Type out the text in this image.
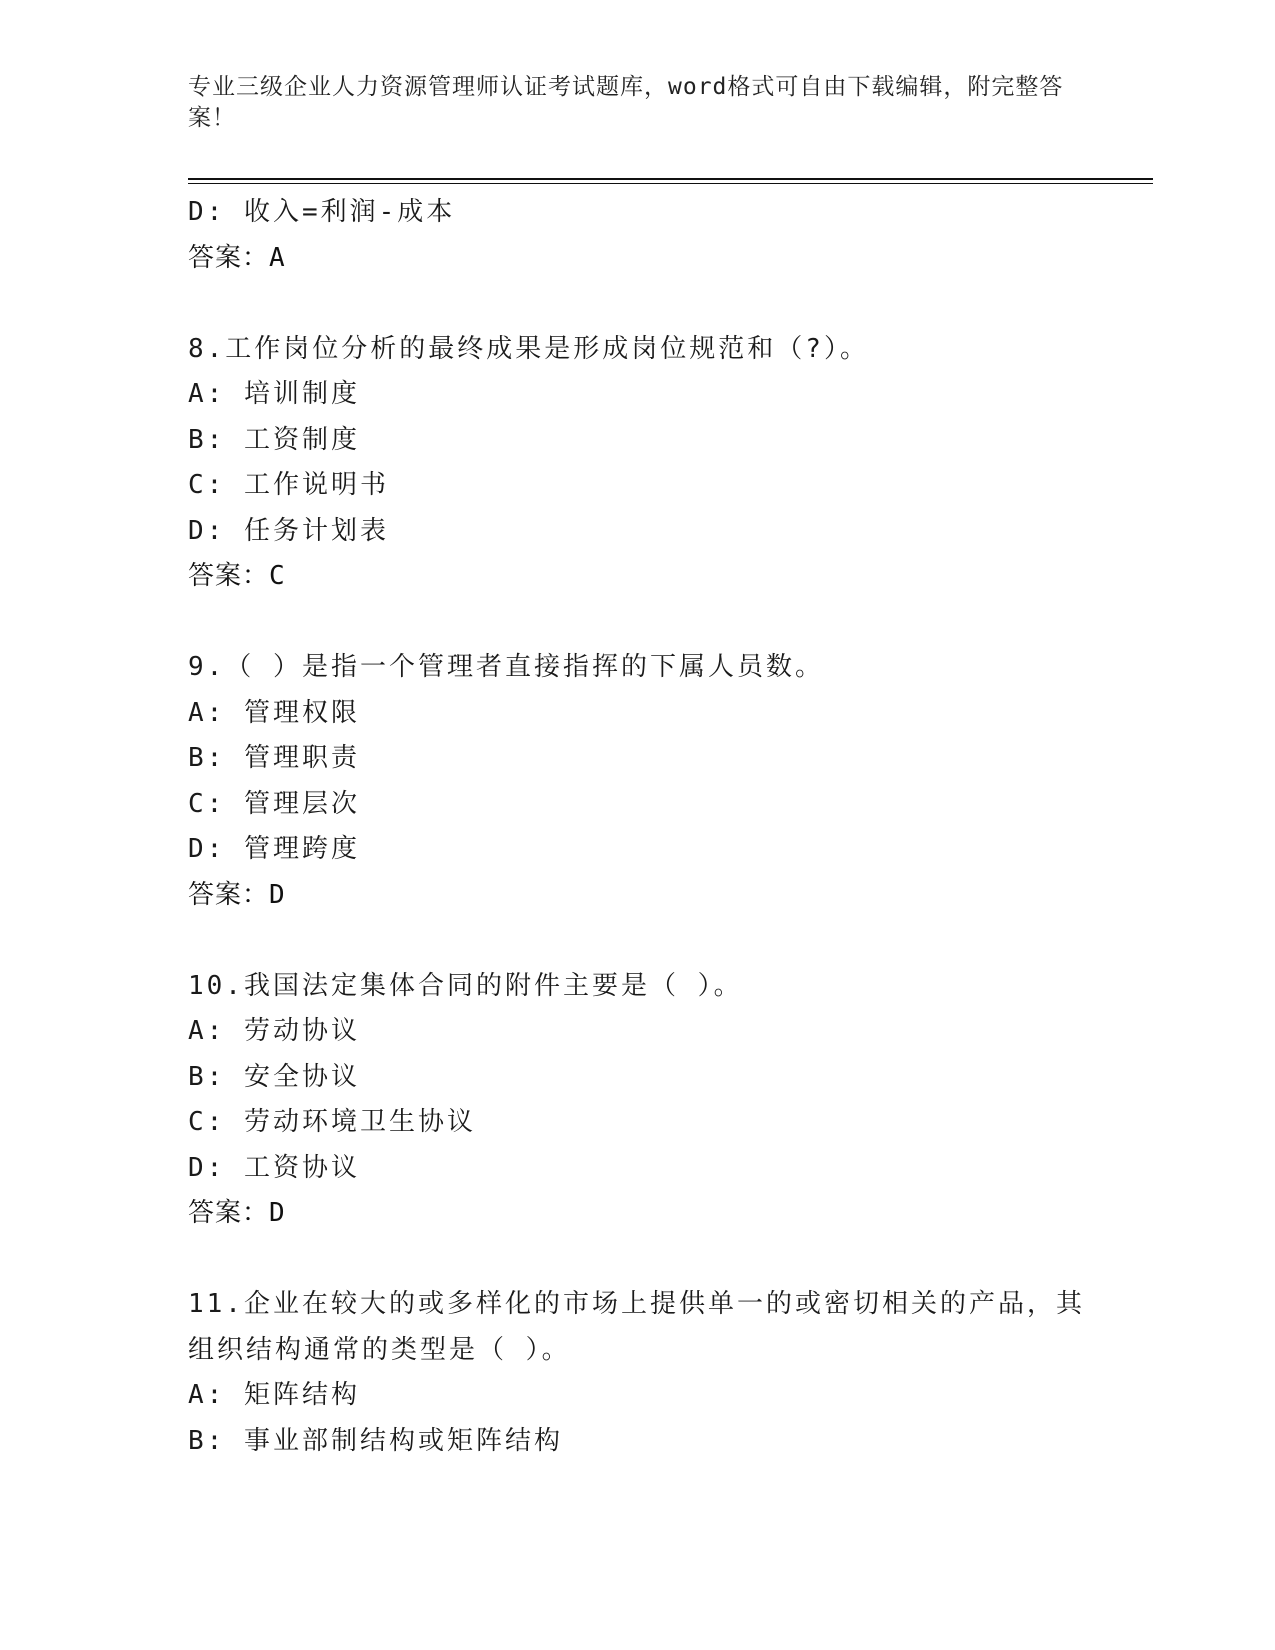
专业三级企业人力资源管理师认证考试题库，word格式可自由下载编辑，附完整答案！
D: 收入=利润-成本
答案：A
8.工作岗位分析的最终成果是形成岗位规范和（?）。
A: 培训制度
B: 工资制度
C: 工作说明书
D: 任务计划表
答案：C
9.（ ）是指一个管理者直接指挥的下属人员数。
A: 管理权限
B: 管理职责
C: 管理层次
D: 管理跨度
答案：D
10.我国法定集体合同的附件主要是（ ）。
A: 劳动协议
B: 安全协议
C: 劳动环境卫生协议
D: 工资协议
答案：D
11.企业在较大的或多样化的市场上提供单一的或密切相关的产品，其组织结构通常的类型是（ ）。
A: 矩阵结构
B: 事业部制结构或矩阵结构
